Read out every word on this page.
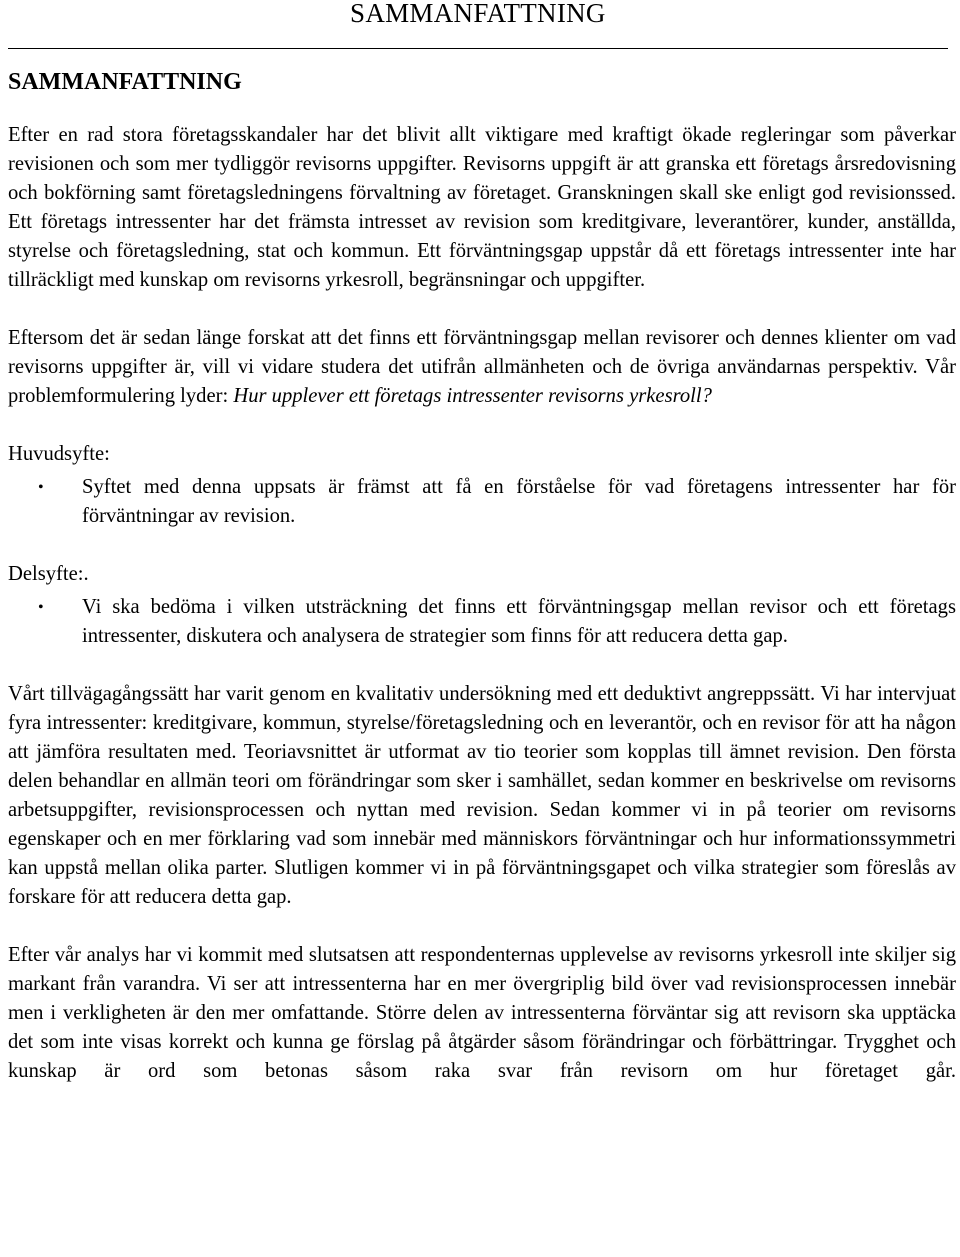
SAMMANFATTNING
SAMMANFATTNING

Efter en rad stora företagsskandaler har det blivit allt viktigare med kraftigt ökade regleringar som påverkar revisionen och som mer tydliggör revisorns uppgifter. Revisorns uppgift är att granska ett företags årsredovisning och bokförning samt företagsledningens förvaltning av företaget. Granskningen skall ske enligt god revisionssed. Ett företags intressenter har det främsta intresset av revision som kreditgivare, leverantörer, kunder, anställda, styrelse och företagsledning, stat och kommun. Ett förväntningsgap uppstår då ett företags intressenter inte har tillräckligt med kunskap om revisorns yrkesroll, begränsningar och uppgifter.

Eftersom det är sedan länge forskat att det finns ett förväntningsgap mellan revisorer och dennes klienter om vad revisorns uppgifter är, vill vi vidare studera det utifrån allmänheten och de övriga användarnas perspektiv. Vår problemformulering lyder: Hur upplever ett företags intressenter revisorns yrkesroll?

Huvudsyfte:
• Syftet med denna uppsats är främst att få en förståelse för vad företagens intressenter har för förväntningar av revision.
Delsyfte:.
• Vi ska bedöma i vilken utsträckning det finns ett förväntningsgap mellan revisor och ett företags intressenter, diskutera och analysera de strategier som finns för att reducera detta gap.

Vårt tillvägagångssätt har varit genom en kvalitativ undersökning med ett deduktivt angreppssätt. Vi har intervjuat fyra intressenter: kreditgivare, kommun, styrelse/företagsledning och en leverantör, och en revisor för att ha någon att jämföra resultaten med. Teoriavsnittet är utformat av tio teorier som kopplas till ämnet revision. Den första delen behandlar en allmän teori om förändringar som sker i samhället, sedan kommer en beskrivelse om revisorns arbetsuppgifter, revisionsprocessen och nyttan med revision. Sedan kommer vi in på teorier om revisorns egenskaper och en mer förklaring vad som innebär med människors förväntningar och hur informationssymmetri kan uppstå mellan olika parter. Slutligen kommer vi in på förväntningsgapet och vilka strategier som föreslås av forskare för att reducera detta gap.

Efter vår analys har vi kommit med slutsatsen att respondenternas upplevelse av revisorns yrkesroll inte skiljer sig markant från varandra. Vi ser att intressenterna har en mer övergriplig bild över vad revisionsprocessen innebär men i verkligheten är den mer omfattande. Större delen av intressenterna förväntar sig att revisorn ska upptäcka det som inte visas korrekt och kunna ge förslag på åtgärder såsom förändringar och förbättringar. Trygghet och kunskap är ord som betonas såsom raka svar från revisorn om hur företaget går.
